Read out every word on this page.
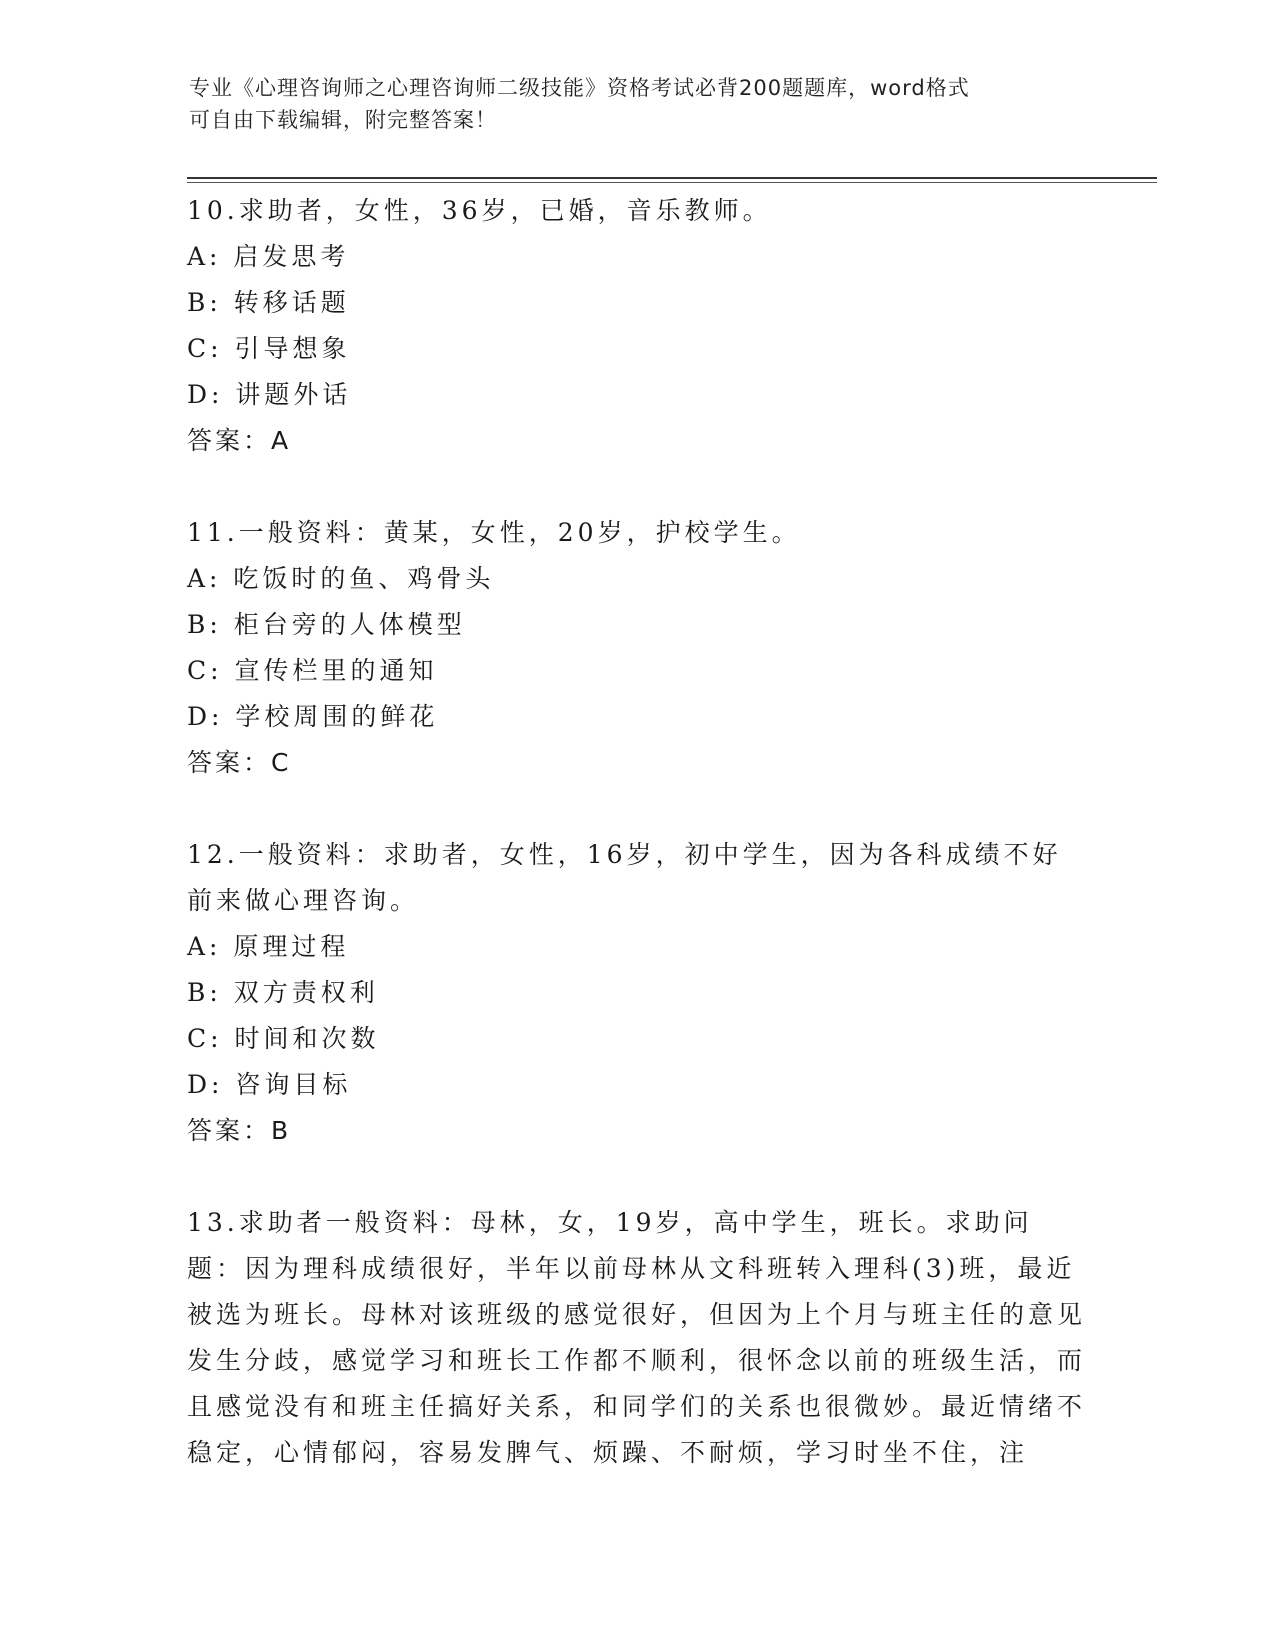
专业《心理咨询师之心理咨询师二级技能》资格考试必背200题题库，word格式
可自由下载编辑，附完整答案！

10.求助者，女性，36岁，已婚，音乐教师。

A: 启发思考

B: 转移话题

C: 引导想象

D: 讲题外话

答案：A

11.一般资料：黄某，女性，20岁，护校学生。

A: 吃饭时的鱼、鸡骨头

B: 柜台旁的人体模型

C: 宣传栏里的通知

D: 学校周围的鲜花

答案：C

12.一般资料：求助者，女性，16岁，初中学生，因为各科成绩不好前来做心理咨询。

A: 原理过程

B: 双方责权利

C: 时间和次数

D: 咨询目标

答案：B

13.求助者一般资料：母林，女，19岁，高中学生，班长。求助问题：因为理科成绩很好，半年以前母林从文科班转入理科(3)班，最近被选为班长。母林对该班级的感觉很好，但因为上个月与班主任的意见发生分歧，感觉学习和班长工作都不顺利，很怀念以前的班级生活，而且感觉没有和班主任搞好关系，和同学们的关系也很微妙。最近情绪不稳定，心情郁闷，容易发脾气、烦躁、不耐烦，学习时坐不住，注
